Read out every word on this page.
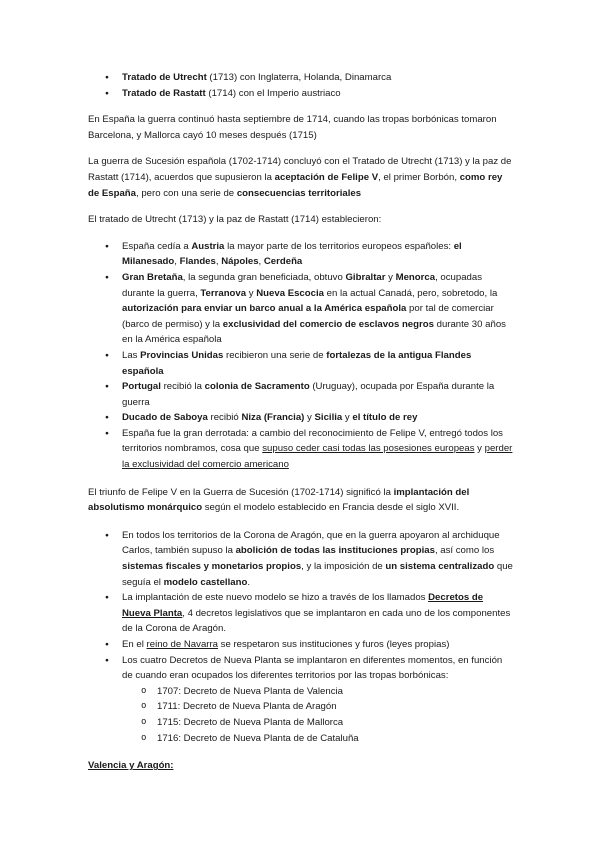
● Tratado de Utrecht (1713) con Inglaterra, Holanda, Dinamarca
● Tratado de Rastatt (1714) con el Imperio austriaco

En España la guerra continuó hasta septiembre de 1714, cuando las tropas borbónicas tomaron Barcelona, y Mallorca cayó 10 meses después (1715)

La guerra de Sucesión española (1702-1714) concluyó con el Tratado de Utrecht (1713) y la paz de Rastatt (1714), acuerdos que supusieron la aceptación de Felipe V, el primer Borbón, como rey de España, pero con una serie de consecuencias territoriales

El tratado de Utrecht (1713) y la paz de Rastatt (1714) establecieron:

● España cedía a Austria la mayor parte de los territorios europeos españoles: el Milanesado, Flandes, Nápoles, Cerdeña
● Gran Bretaña, la segunda gran beneficiada, obtuvo Gibraltar y Menorca, ocupadas durante la guerra, Terranova y Nueva Escocia en la actual Canadá, pero, sobretodo, la autorización para enviar un barco anual a la América española por tal de comerciar (barco de permiso) y la exclusividad del comercio de esclavos negros durante 30 años en la América española
● Las Provincias Unidas recibieron una serie de fortalezas de la antigua Flandes española
● Portugal recibió la colonia de Sacramento (Uruguay), ocupada por España durante la guerra
● Ducado de Saboya recibió Niza (Francia) y Sicilia y el título de rey
● España fue la gran derrotada: a cambio del reconocimiento de Felipe V, entregó todos los territorios nombramos, cosa que supuso ceder casi todas las posesiones europeas y perder la exclusividad del comercio americano

El triunfo de Felipe V en la Guerra de Sucesión (1702-1714) significó la implantación del absolutismo monárquico según el modelo establecido en Francia desde el siglo XVII.

● En todos los territorios de la Corona de Aragón, que en la guerra apoyaron al archiduque Carlos, también supuso la abolición de todas las instituciones propias, así como los sistemas fiscales y monetarios propios, y la imposición de un sistema centralizado que seguía el modelo castellano.
● La implantación de este nuevo modelo se hizo a través de los llamados Decretos de Nueva Planta, 4 decretos legislativos que se implantaron en cada uno de los componentes de la Corona de Aragón.
● En el reino de Navarra se respetaron sus instituciones y furos (leyes propias)
● Los cuatro Decretos de Nueva Planta se implantaron en diferentes momentos, en función de cuando eran ocupados los diferentes territorios por las tropas borbónicas:
o 1707: Decreto de Nueva Planta de Valencia
o 1711: Decreto de Nueva Planta de Aragón
o 1715: Decreto de Nueva Planta de Mallorca
o 1716: Decreto de Nueva Planta de de Cataluña

Valencia y Aragón:
